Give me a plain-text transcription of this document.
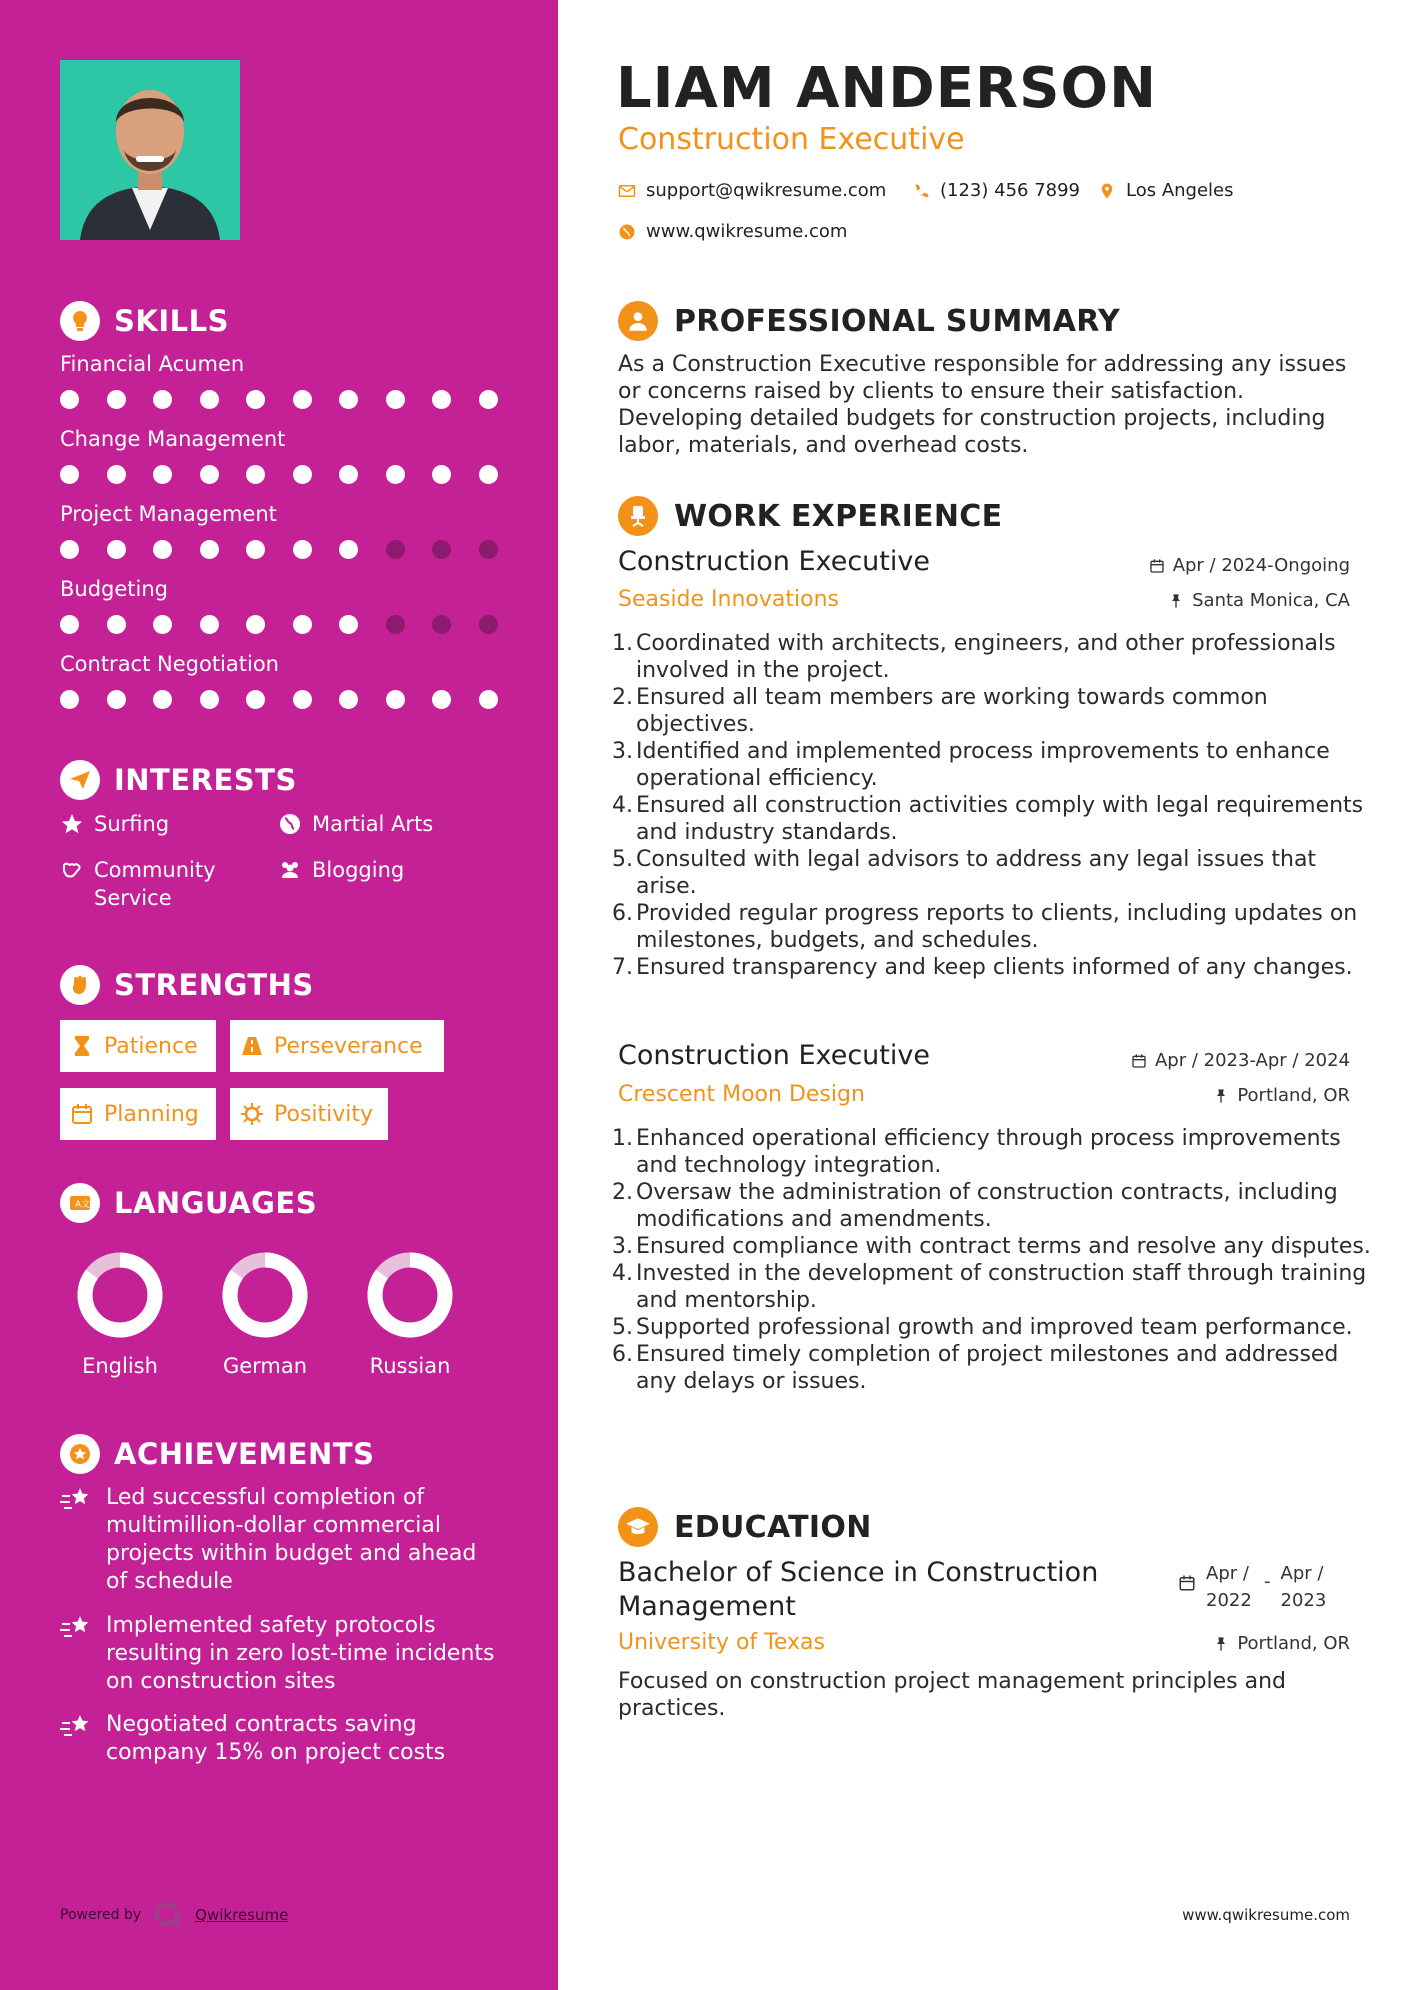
SKILLS
Financial Acumen
Change Management
Project Management
Budgeting
Contract Negotiation
INTERESTS
Surfing	Martial Arts
Community Service
Blogging
STRENGTHS
Patience	Perseverance
Planning	Positivity
A 文 LANGUAGES
English	German	Russian
ACHIEVEMENTS
Led successful completion of multimillion-dollar commercial projects within budget and ahead of schedule
Implemented safety protocols resulting in zero lost-time incidents on construction sites
Negotiated contracts saving company 15% on project costs
Powered by	Qwikresume
LIAM ANDERSON
Construction Executive
support@qwikresume.com	(123) 456 7899	Los Angeles
www.qwikresume.com
PROFESSIONAL SUMMARY
As a Construction Executive responsible for addressing any issues or concerns raised by clients to ensure their satisfaction. Developing detailed budgets for construction projects, including labor, materials, and overhead costs.
WORK EXPERIENCE
Construction Executive	Apr / 2024-Ongoing
Seaside Innovations	Santa Monica, CA
Coordinated with architects, engineers, and other professionals involved in the project.
Ensured all team members are working towards common objectives.
Identified and implemented process improvements to enhance operational efficiency.
Ensured all construction activities comply with legal requirements and industry standards.
Consulted with legal advisors to address any legal issues that arise.
Provided regular progress reports to clients, including updates on milestones, budgets, and schedules.
Ensured transparency and keep clients informed of any changes.
Construction Executive	Apr / 2023-Apr / 2024
Crescent Moon Design	Portland, OR
Enhanced operational efficiency through process improvements and technology integration.
Oversaw the administration of construction contracts, including modifications and amendments.
Ensured compliance with contract terms and resolve any disputes.
Invested in the development of construction staff through training and mentorship.
Supported professional growth and improved team performance.
Ensured timely completion of project milestones and addressed any delays or issues.
EDUCATION
Bachelor of Science in Construction Management
Apr / 2022
- Apr / 2023
University of Texas	Portland, OR
Focused on construction project management principles and practices.
www.qwikresume.com
